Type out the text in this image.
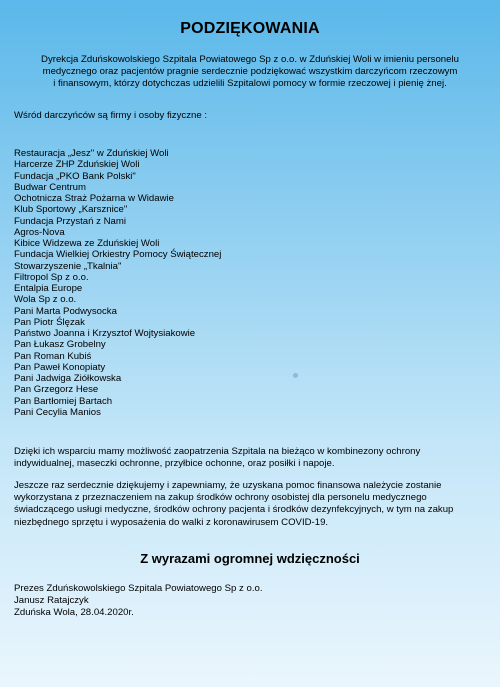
PODZIĘKOWANIA
Dyrekcja Zduńskowolskiego Szpitala Powiatowego Sp z o.o. w Zduńskiej Woli w imieniu personelu
medycznego oraz pacjentów pragnie serdecznie podziękować wszystkim darczyńcom rzeczowym
i finansowym, którzy dotychczas udzielili Szpitalowi pomocy w formie rzeczowej i pienię żnej.
Wśród darczyńców są firmy i osoby fizyczne :
Restauracja „Jesz" w Zduńskiej Woli
Harcerze ZHP Zduńskiej Woli
Fundacja „PKO Bank Polski"
Budwar Centrum
Ochotnicza Straż Pożarna w Widawie
Klub Sportowy „Karsznice"
Fundacja Przystań z Nami
Agros-Nova
Kibice Widzewa ze Zduńskiej Woli
Fundacja Wielkiej Orkiestry Pomocy Świątecznej
Stowarzyszenie „Tkalnia"
Filtropol Sp z o.o.
Entalpia Europe
Wola Sp z o.o.
Pani Marta Podwysocka
Pan Piotr Ślęzak
Państwo Joanna i Krzysztof Wojtysiakowie
Pan Łukasz Grobelny
Pan Roman Kubiś
Pan Paweł Konopiaty
Pani Jadwiga Ziółkowska
Pan Grzegorz Hese
Pan Bartłomiej Bartach
Pani Cecylia Manios
Dzięki ich wsparciu mamy możliwość zaopatrzenia Szpitala na bieżąco w kombinezony ochrony
indywidualnej, maseczki ochronne, przyłbice ochonne, oraz posiłki i napoje.
Jeszcze raz serdecznie dziękujemy i zapewniamy, że uzyskana pomoc finansowa należycie zostanie
wykorzystana z przeznaczeniem na zakup środków ochrony osobistej dla personelu medycznego
świadczącego usługi medyczne, środków ochrony pacjenta i środków dezynfekcyjnych, w tym na zakup
niezbędnego sprzętu i wyposażenia do walki z koronawirusem COVID-19.
Z wyrazami ogromnej wdzięczności
Prezes Zduńskowolskiego Szpitala Powiatowego Sp z o.o.
Janusz Ratajczyk
Zduńska Wola, 28.04.2020r.
